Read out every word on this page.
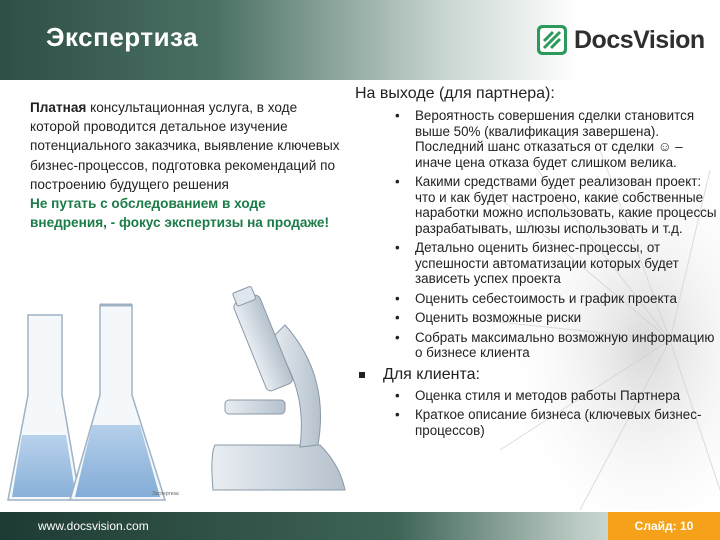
Экспертиза	DocsVision
Платная консультационная услуга, в ходе которой проводится детальное изучение потенциального заказчика, выявление ключевых бизнес-процессов, подготовка рекомендаций по построению будущего решения
Не путать с обследованием в ходе внедрения, - фокус экспертизы на продаже!
Экспертиза
На выходе (для партнера):
• Вероятность совершения сделки становится выше 50% (квалификация завершена). Последний шанс отказаться от сделки ☺ – иначе цена отказа будет слишком велика.
• Какими средствами будет реализован проект: что и как будет настроено, какие собственные наработки можно использовать, какие процессы разрабатывать, шлюзы использовать и т.д.
• Детально оценить бизнес-процессы, от успешности автоматизации которых будет зависеть успех проекта
• Оценить себестоимость и график проекта
• Оценить возможные риски
• Собрать максимально возможную информацию о бизнесе клиента
Для клиента:
• Оценка стиля и методов работы Партнера
• Краткое описание бизнеса (ключевых бизнес-процессов)
www.docsvision.com	Слайд: 10
